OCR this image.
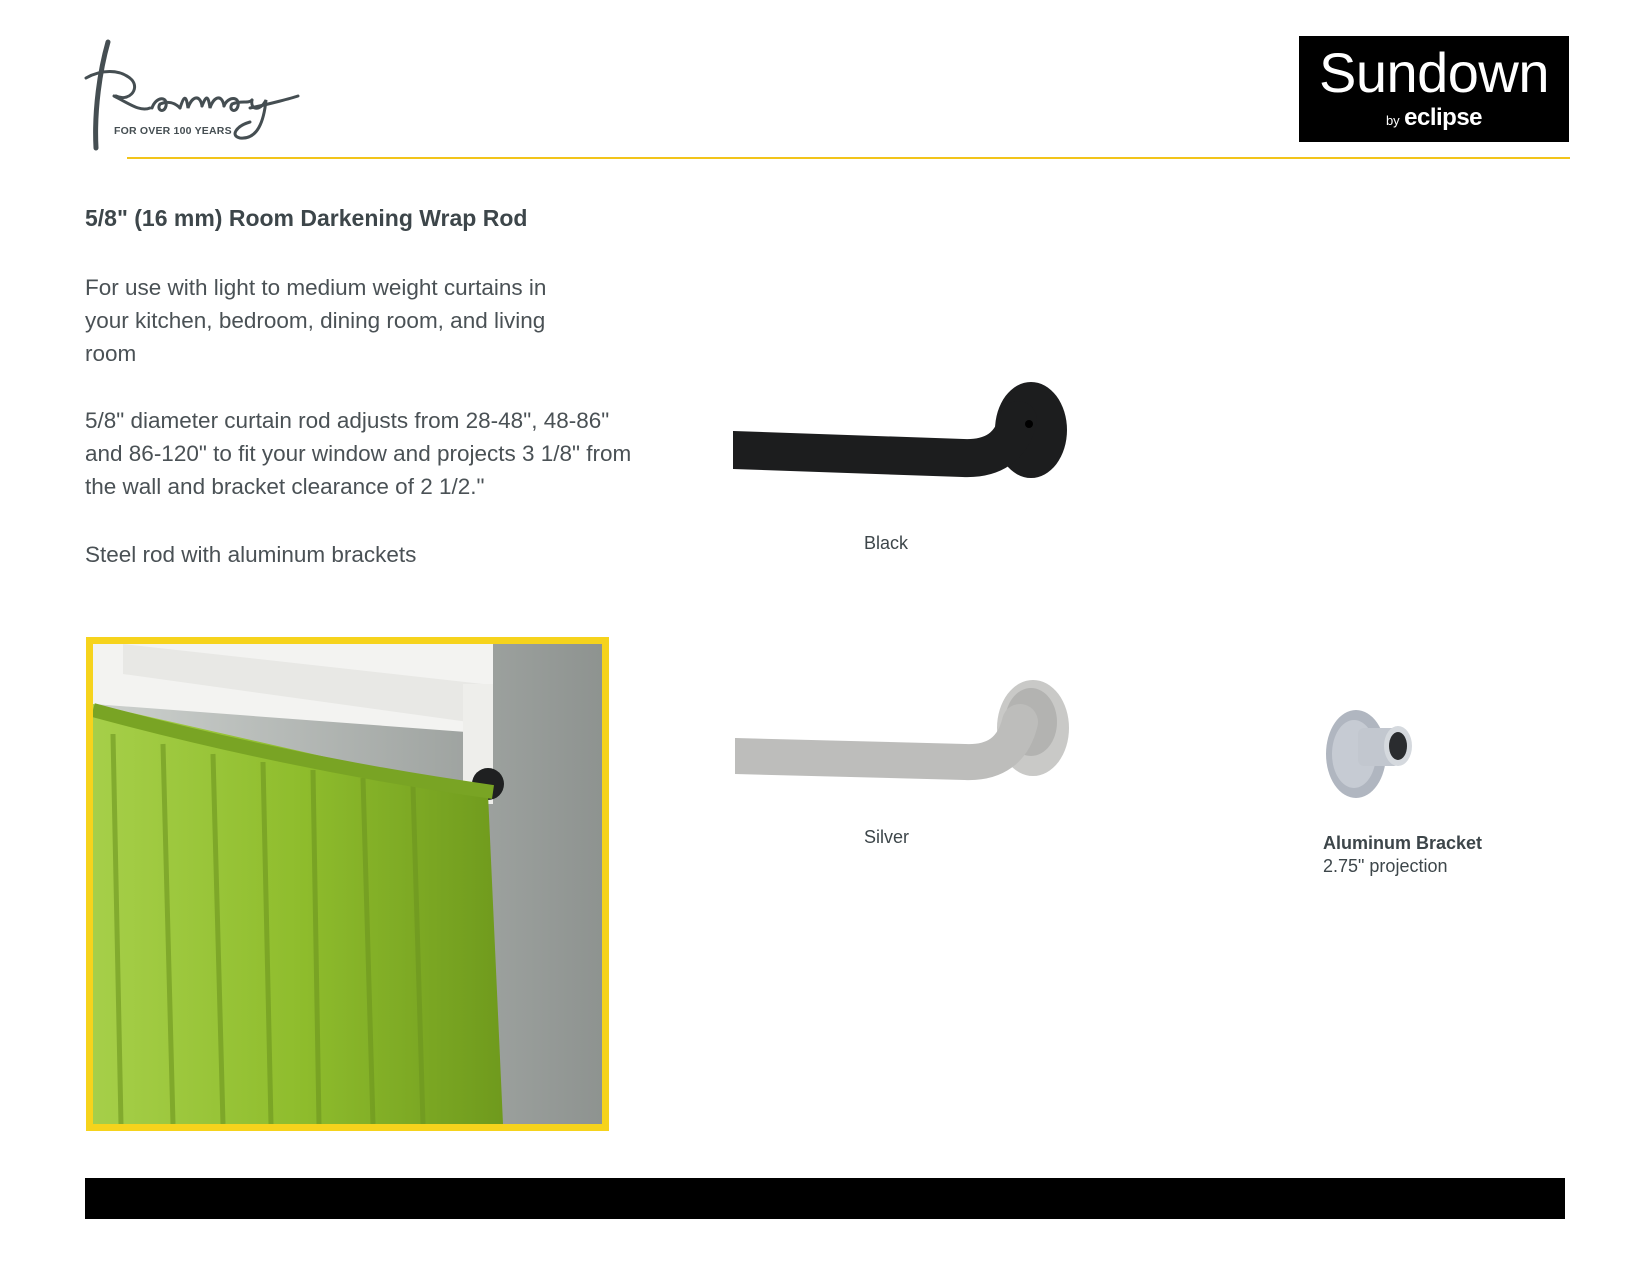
FOR OVER 100 YEARS
Sundown
by eclipse
5/8" (16 mm) Room Darkening Wrap Rod

For use with light to medium weight curtains in your kitchen, bedroom, dining room, and living room

5/8" diameter curtain rod adjusts from 28-48", 48-86" and 86-120" to fit your window and projects 3 1/8" from the wall and bracket clearance of 2 1/2."

Steel rod with aluminum brackets	Black

Silver	Aluminum Bracket
2.75" projection
